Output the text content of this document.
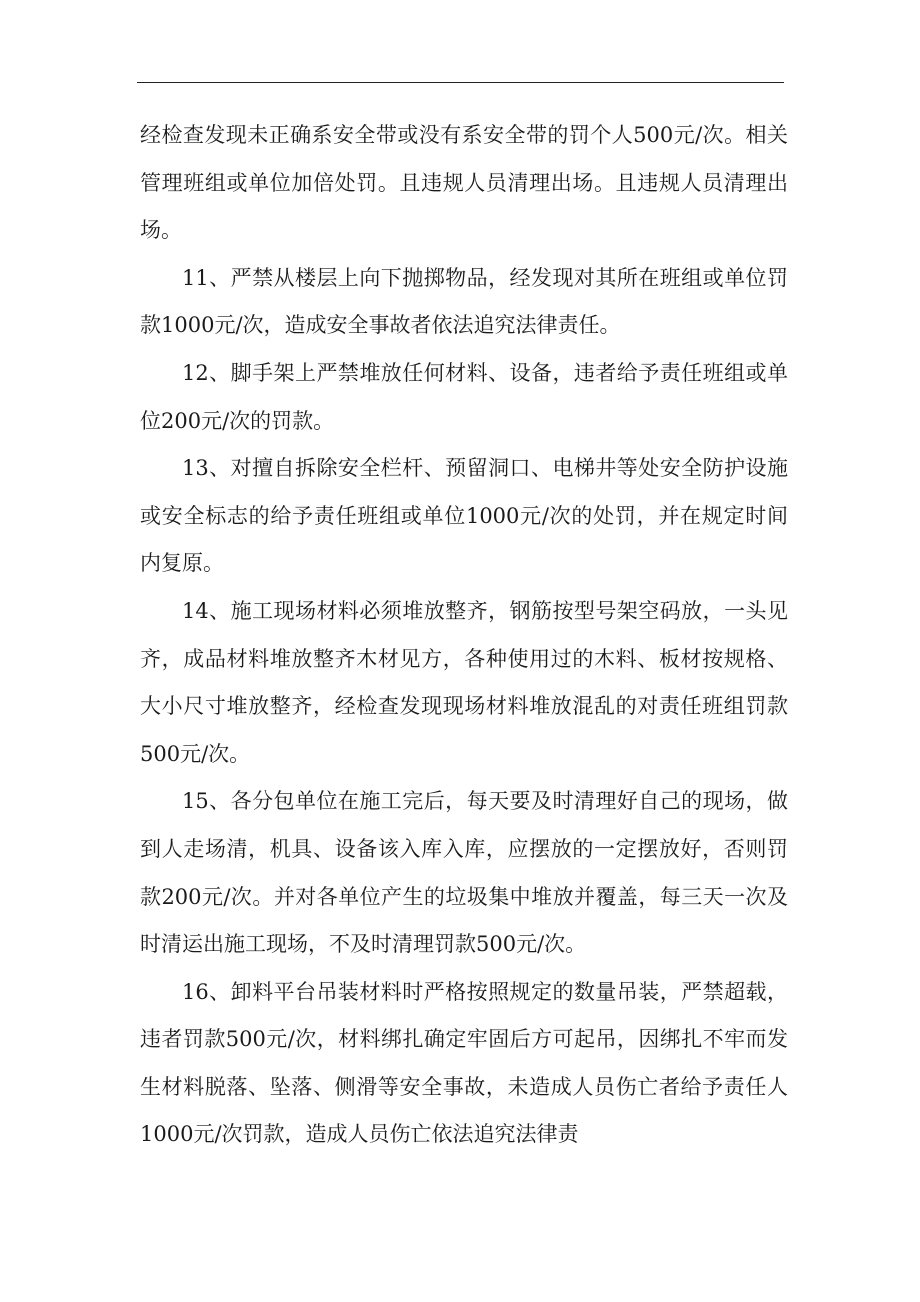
经检查发现未正确系安全带或没有系安全带的罚个人500元/次。相关管理班组或单位加倍处罚。且违规人员清理出场。且违规人员清理出场。

11、严禁从楼层上向下抛掷物品，经发现对其所在班组或单位罚款1000元/次，造成安全事故者依法追究法律责任。

12、脚手架上严禁堆放任何材料、设备，违者给予责任班组或单位200元/次的罚款。

13、对擅自拆除安全栏杆、预留洞口、电梯井等处安全防护设施或安全标志的给予责任班组或单位1000元/次的处罚，并在规定时间内复原。

14、施工现场材料必须堆放整齐，钢筋按型号架空码放，一头见齐，成品材料堆放整齐木材见方，各种使用过的木料、板材按规格、大小尺寸堆放整齐，经检查发现现场材料堆放混乱的对责任班组罚款500元/次。

15、各分包单位在施工完后，每天要及时清理好自己的现场，做到人走场清，机具、设备该入库入库，应摆放的一定摆放好，否则罚款200元/次。并对各单位产生的垃圾集中堆放并覆盖，每三天一次及时清运出施工现场，不及时清理罚款500元/次。

16、卸料平台吊装材料时严格按照规定的数量吊装，严禁超载，违者罚款500元/次，材料绑扎确定牢固后方可起吊，因绑扎不牢而发生材料脱落、坠落、侧滑等安全事故，未造成人员伤亡者给予责任人1000元/次罚款，造成人员伤亡依法追究法律责
